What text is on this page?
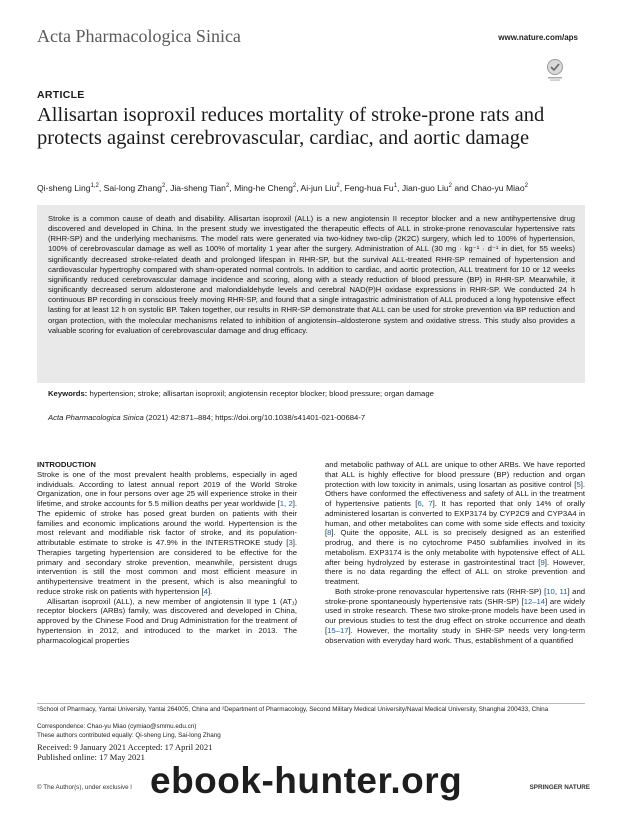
Acta Pharmacologica Sinica	www.nature.com/aps
ARTICLE
Allisartan isoproxil reduces mortality of stroke-prone rats and protects against cerebrovascular, cardiac, and aortic damage
Qi-sheng Ling$^{1,2}$, Sai-long Zhang$^2$, Jia-sheng Tian$^2$, Ming-he Cheng$^2$, Ai-jun Liu$^2$, Feng-hua Fu$^1$, Jian-guo Liu$^2$ and Chao-yu Miao$^2$
Stroke is a common cause of death and disability. Allisartan isoproxil (ALL) is a new angiotensin II receptor blocker and a new antihypertensive drug discovered and developed in China. In the present study we investigated the therapeutic effects of ALL in stroke-prone renovascular hypertensive rats (RHR-SP) and the underlying mechanisms. The model rats were generated via two-kidney two-clip (2K2C) surgery, which led to 100% of hypertension, 100% of cerebrovascular damage as well as 100% of mortality 1 year after the surgery. Administration of ALL (30 mg · kg⁻¹ · d⁻¹ in diet, for 55 weeks) significantly decreased stroke-related death and prolonged lifespan in RHR-SP, but the survival ALL-treated RHR-SP remained of hypertension and cardiovascular hypertrophy compared with sham-operated normal controls. In addition to cardiac, and aortic protection, ALL treatment for 10 or 12 weeks significantly reduced cerebrovascular damage incidence and scoring, along with a steady reduction of blood pressure (BP) in RHR-SP. Meanwhile, it significantly decreased serum aldosterone and malondialdehyde levels and cerebral NAD(P)H oxidase expressions in RHR-SP. We conducted 24 h continuous BP recording in conscious freely moving RHR-SP, and found that a single intragastric administration of ALL produced a long hypotensive effect lasting for at least 12 h on systolic BP. Taken together, our results in RHR-SP demonstrate that ALL can be used for stroke prevention via BP reduction and organ protection, with the molecular mechanisms related to inhibition of angiotensin–aldosterone system and oxidative stress. This study also provides a valuable scoring for evaluation of cerebrovascular damage and drug efficacy.
Keywords: hypertension; stroke; allisartan isoproxil; angiotensin receptor blocker; blood pressure; organ damage
Acta Pharmacologica Sinica (2021) 42:871–884; https://doi.org/10.1038/s41401-021-00684-7

INTRODUCTION

Stroke is one of the most prevalent health problems, especially in aged individuals. According to latest annual report 2019 of the World Stroke Organization, one in four persons over age 25 will experience stroke in their lifetime, and stroke accounts for 5.5 million deaths per year worldwide [1, 2]. The epidemic of stroke has posed great burden on patients with their families and economic implications around the world. Hypertension is the most relevant and modifiable risk factor of stroke, and its population-attributable estimate to stroke is 47.9% in the INTERSTROKE study [3]. Therapies targeting hypertension are considered to be effective for the primary and secondary stroke prevention, meanwhile, persistent drugs intervention is still the most common and most efficient measure in antihypertensive treatment in the present, which is also meaningful to reduce stroke risk on patients with hypertension [4].

Allisartan isoproxil (ALL), a new member of angiotensin II type 1 (AT₁) receptor blockers (ARBs) family, was discovered and developed in China, approved by the Chinese Food and Drug Administration for the treatment of hypertension in 2012, and introduced to the market in 2013. The pharmacological properties

and metabolic pathway of ALL are unique to other ARBs. We have reported that ALL is highly effective for blood pressure (BP) reduction and organ protection with low toxicity in animals, using losartan as positive control [5]. Others have conformed the effectiveness and safety of ALL in the treatment of hypertensive patients [6, 7]. It has reported that only 14% of orally administered losartan is converted to EXP3174 by CYP2C9 and CYP3A4 in human, and other metabolites can come with some side effects and toxicity [8]. Quite the opposite, ALL is so precisely designed as an esterified prodrug, and there is no cytochrome P450 subfamilies involved in its metabolism. EXP3174 is the only metabolite with hypotensive effect of ALL after being hydrolyzed by esterase in gastrointestinal tract [9]. However, there is no data regarding the effect of ALL on stroke prevention and treatment.

Both stroke-prone renovascular hypertensive rats (RHR-SP) [10, 11] and stroke-prone spontaneously hypertensive rats (SHR-SP) [12–14] are widely used in stroke research. These two stroke-prone models have been used in our previous studies to test the drug effect on stroke occurrence and death [15–17]. However, the mortality study in SHR-SP needs very long-term observation with everyday hard work. Thus, establishment of a quantified

¹School of Pharmacy, Yantai University, Yantai 264005, China and ²Department of Pharmacology, Second Military Medical University/Naval Medical University, Shanghai 200433, China
Correspondence: Chao-yu Miao (cymiao@smmu.edu.cn)
These authors contributed equally: Qi-sheng Ling, Sai-long Zhang
Received: 9 January 2021 Accepted: 17 April 2021
Published online: 17 May 2021
© The Author(s), under exclusive l	SPRINGER NATURE
ebook-hunter.org
